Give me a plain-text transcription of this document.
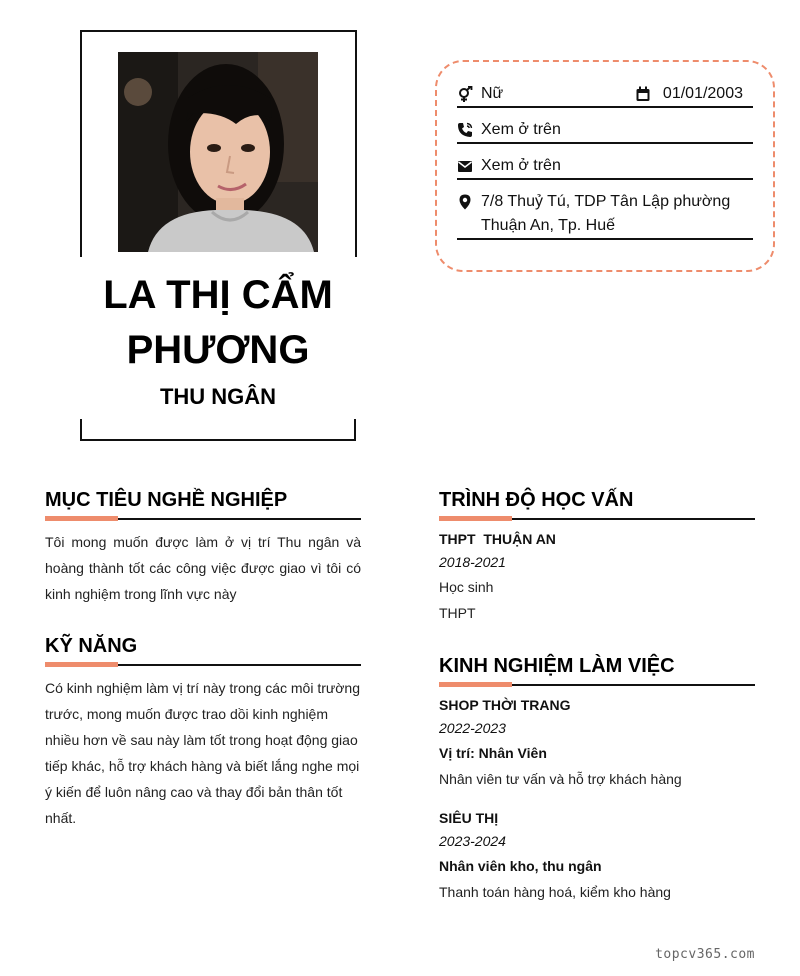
LA THỊ CẨM PHƯƠNG
THU NGÂN
Nữ	01/01/2003
Xem ở trên
Xem ở trên
7/8 Thuỷ Tú, TDP Tân Lập phường Thuận An, Tp. Huế
MỤC TIÊU NGHỀ NGHIỆP
Tôi mong muốn được làm ở vị trí Thu ngân và hoàng thành tốt các công việc được giao vì tôi có kinh nghiệm trong lĩnh vực này
KỸ NĂNG
Có kinh nghiệm làm vị trí này trong các môi trường trước, mong muốn được trao dồi kinh nghiệm nhiều hơn về sau này làm tốt trong hoạt động giao tiếp khác, hỗ trợ khách hàng và biết lắng nghe mọi ý kiến để luôn nâng cao và thay đổi bản thân tốt nhất.
TRÌNH ĐỘ HỌC VẤN
THPT  THUẬN AN
2018-2021
Học sinh
THPT
KINH NGHIỆM LÀM VIỆC
SHOP THỜI TRANG
2022-2023
Vị trí: Nhân Viên
Nhân viên tư vấn và hỗ trợ khách hàng
SIÊU THỊ
2023-2024
Nhân viên kho, thu ngân
Thanh toán hàng hoá, kiểm kho hàng
topcv365.com
